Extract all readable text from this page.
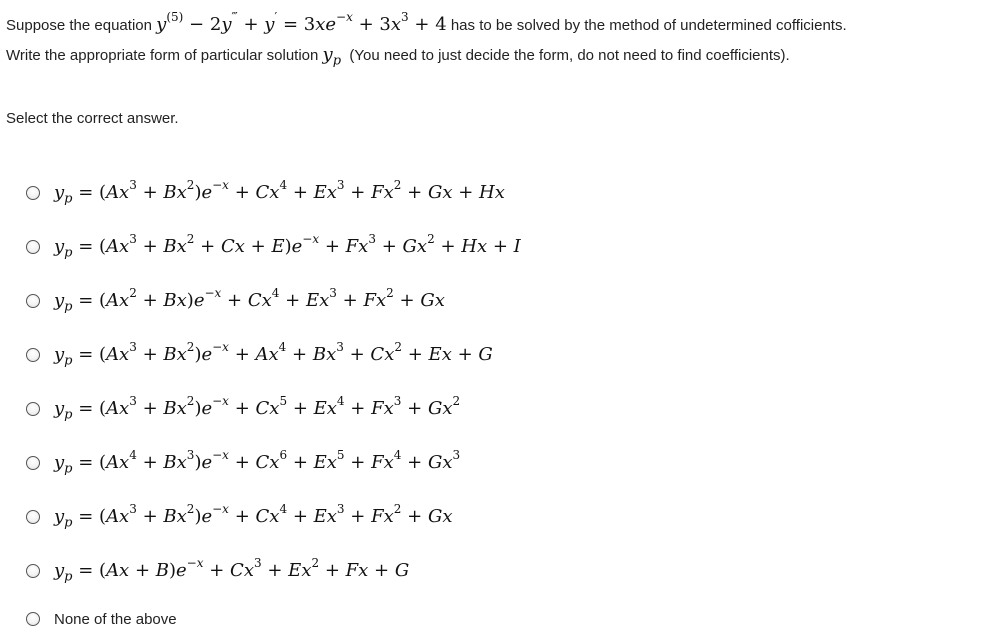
Suppose the equation $y^{(5)} - 2y^‴ + y' = 3xe^{-x} + 3x^3 + 4$ has to be solved by the method of undetermined cofficients.
Write the appropriate form of particular solution $y_p$ (You need to just decide the form, do not need to find coefficients).
Select the correct answer.
$y_p = (Ax^3 + Bx^2)e^{-x} + Cx^4 + Ex^3 + Fx^2 + Gx + Hx$
$y_p = (Ax^3 + Bx^2 + Cx + E)e^{-x} + Fx^3 + Gx^2 + Hx + I$
$y_p = (Ax^2 + Bx)e^{-x} + Cx^4 + Ex^3 + Fx^2 + Gx$
$y_p = (Ax^3 + Bx^2)e^{-x} + Ax^4 + Bx^3 + Cx^2 + Ex + G$
$y_p = (Ax^3 + Bx^2)e^{-x} + Cx^5 + Ex^4 + Fx^3 + Gx^2$
$y_p = (Ax^4 + Bx^3)e^{-x} + Cx^6 + Ex^5 + Fx^4 + Gx^3$
$y_p = (Ax^3 + Bx^2)e^{-x} + Cx^4 + Ex^3 + Fx^2 + Gx$
$y_p = (Ax + B)e^{-x} + Cx^3 + Ex^2 + Fx + G$
None of the above
